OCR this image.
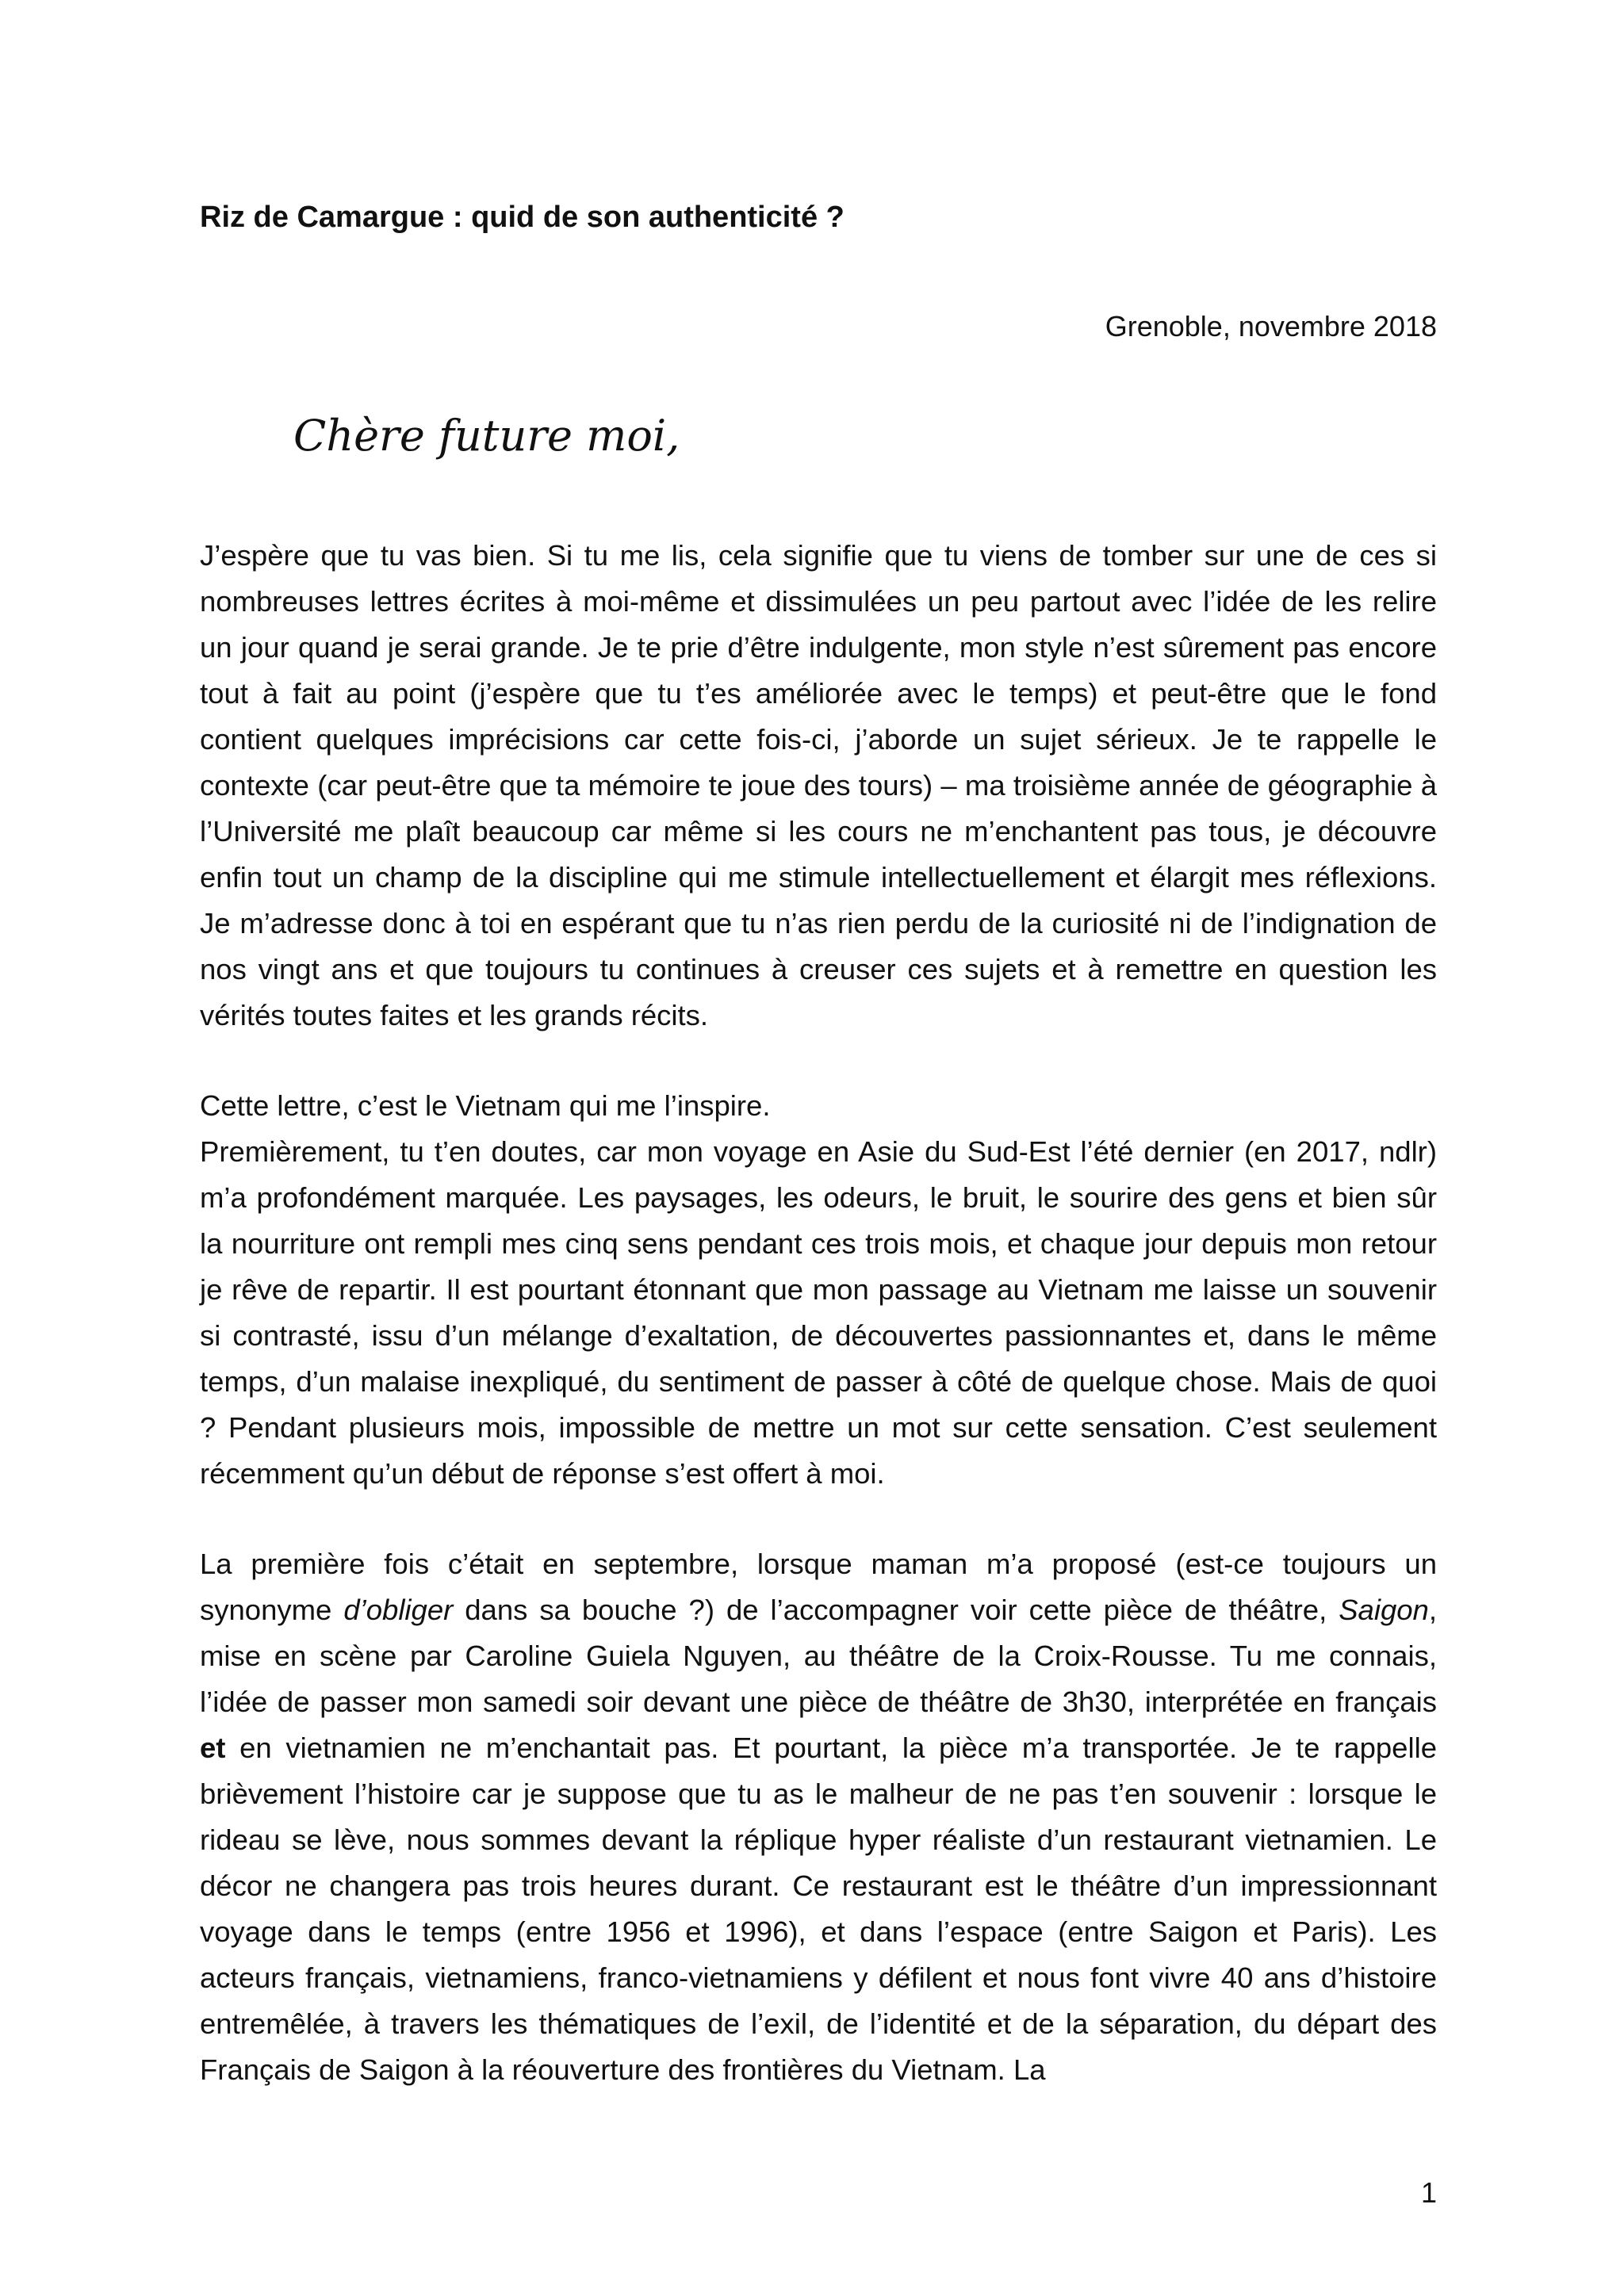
Riz de Camargue : quid de son authenticité ?

Grenoble, novembre 2018

Chère future moi,

J’espère que tu vas bien. Si tu me lis, cela signifie que tu viens de tomber sur une de ces si nombreuses lettres écrites à moi-même et dissimulées un peu partout avec l’idée de les relire un jour quand je serai grande. Je te prie d’être indulgente, mon style n’est sûrement pas encore tout à fait au point (j’espère que tu t’es améliorée avec le temps) et peut-être que le fond contient quelques imprécisions car cette fois-ci, j’aborde un sujet sérieux. Je te rappelle le contexte (car peut-être que ta mémoire te joue des tours) – ma troisième année de géographie à l’Université me plaît beaucoup car même si les cours ne m’enchantent pas tous, je découvre enfin tout un champ de la discipline qui me stimule intellectuellement et élargit mes réflexions. Je m’adresse donc à toi en espérant que tu n’as rien perdu de la curiosité ni de l’indignation de nos vingt ans et que toujours tu continues à creuser ces sujets et à remettre en question les vérités toutes faites et les grands récits.

Cette lettre, c’est le Vietnam qui me l’inspire.

Premièrement, tu t’en doutes, car mon voyage en Asie du Sud-Est l’été dernier (en 2017, ndlr) m’a profondément marquée. Les paysages, les odeurs, le bruit, le sourire des gens et bien sûr la nourriture ont rempli mes cinq sens pendant ces trois mois, et chaque jour depuis mon retour je rêve de repartir. Il est pourtant étonnant que mon passage au Vietnam me laisse un souvenir si contrasté, issu d’un mélange d’exaltation, de découvertes passionnantes et, dans le même temps, d’un malaise inexpliqué, du sentiment de passer à côté de quelque chose. Mais de quoi ? Pendant plusieurs mois, impossible de mettre un mot sur cette sensation. C’est seulement récemment qu’un début de réponse s’est offert à moi.

La première fois c’était en septembre, lorsque maman m’a proposé (est-ce toujours un synonyme d’obliger dans sa bouche ?) de l’accompagner voir cette pièce de théâtre, Saigon, mise en scène par Caroline Guiela Nguyen, au théâtre de la Croix-Rousse. Tu me connais, l’idée de passer mon samedi soir devant une pièce de théâtre de 3h30, interprétée en français et en vietnamien ne m’enchantait pas. Et pourtant, la pièce m’a transportée. Je te rappelle brièvement l’histoire car je suppose que tu as le malheur de ne pas t’en souvenir : lorsque le rideau se lève, nous sommes devant la réplique hyper réaliste d’un restaurant vietnamien. Le décor ne changera pas trois heures durant. Ce restaurant est le théâtre d’un impressionnant voyage dans le temps (entre 1956 et 1996), et dans l’espace (entre Saigon et Paris). Les acteurs français, vietnamiens, franco-vietnamiens y défilent et nous font vivre 40 ans d’histoire entremêlée, à travers les thématiques de l’exil, de l’identité et de la séparation, du départ des Français de Saigon à la réouverture des frontières du Vietnam. La

1
